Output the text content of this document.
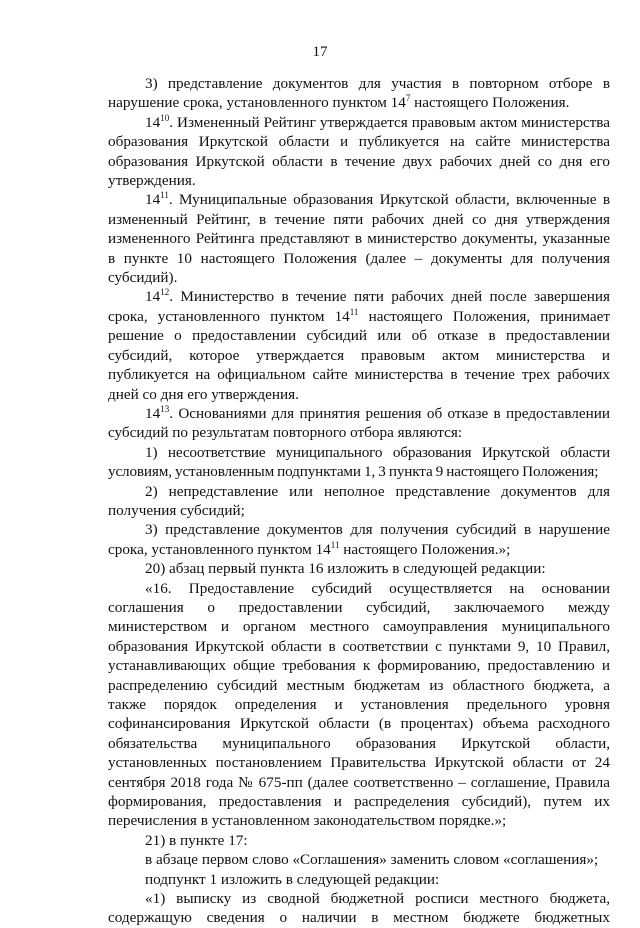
17

3) представление документов для участия в повторном отборе в нарушение срока, установленного пунктом $14^7$ настоящего Положения.

$14^{10}$. Измененный Рейтинг утверждается правовым актом министерства образования Иркутской области и публикуется на сайте министерства образования Иркутской области в течение двух рабочих дней со дня его утверждения.

$14^{11}$. Муниципальные образования Иркутской области, включенные в измененный Рейтинг, в течение пяти рабочих дней со дня утверждения измененного Рейтинга представляют в министерство документы, указанные в пункте 10 настоящего Положения (далее – документы для получения субсидий).

$14^{12}$. Министерство в течение пяти рабочих дней после завершения срока, установленного пунктом $14^{11}$ настоящего Положения, принимает решение о предоставлении субсидий или об отказе в предоставлении субсидий, которое утверждается правовым актом министерства и публикуется на официальном сайте министерства в течение трех рабочих дней со дня его утверждения.

$14^{13}$. Основаниями для принятия решения об отказе в предоставлении субсидий по результатам повторного отбора являются:

1) несоответствие муниципального образования Иркутской области условиям, установленным подпунктами 1, 3 пункта 9 настоящего Положения;

2) непредставление или неполное представление документов для получения субсидий;

3) представление документов для получения субсидий в нарушение срока, установленного пунктом $14^{11}$ настоящего Положения.»;

20) абзац первый пункта 16 изложить в следующей редакции:

«16. Предоставление субсидий осуществляется на основании соглашения о предоставлении субсидий, заключаемого между министерством и органом местного самоуправления муниципального образования Иркутской области в соответствии с пунктами 9, 10 Правил, устанавливающих общие требования к формированию, предоставлению и распределению субсидий местным бюджетам из областного бюджета, а также порядок определения и установления предельного уровня софинансирования Иркутской области (в процентах) объема расходного обязательства муниципального образования Иркутской области, установленных постановлением Правительства Иркутской области от 24 сентября 2018 года № 675-пп (далее соответственно – соглашение, Правила формирования, предоставления и распределения субсидий), путем их перечисления в установленном законодательством порядке.»;

21) в пункте 17:

в абзаце первом слово «Соглашения» заменить словом «соглашения»;

подпункт 1 изложить в следующей редакции:

«1) выписку из сводной бюджетной росписи местного бюджета, содержащую сведения о наличии в местном бюджете бюджетных
